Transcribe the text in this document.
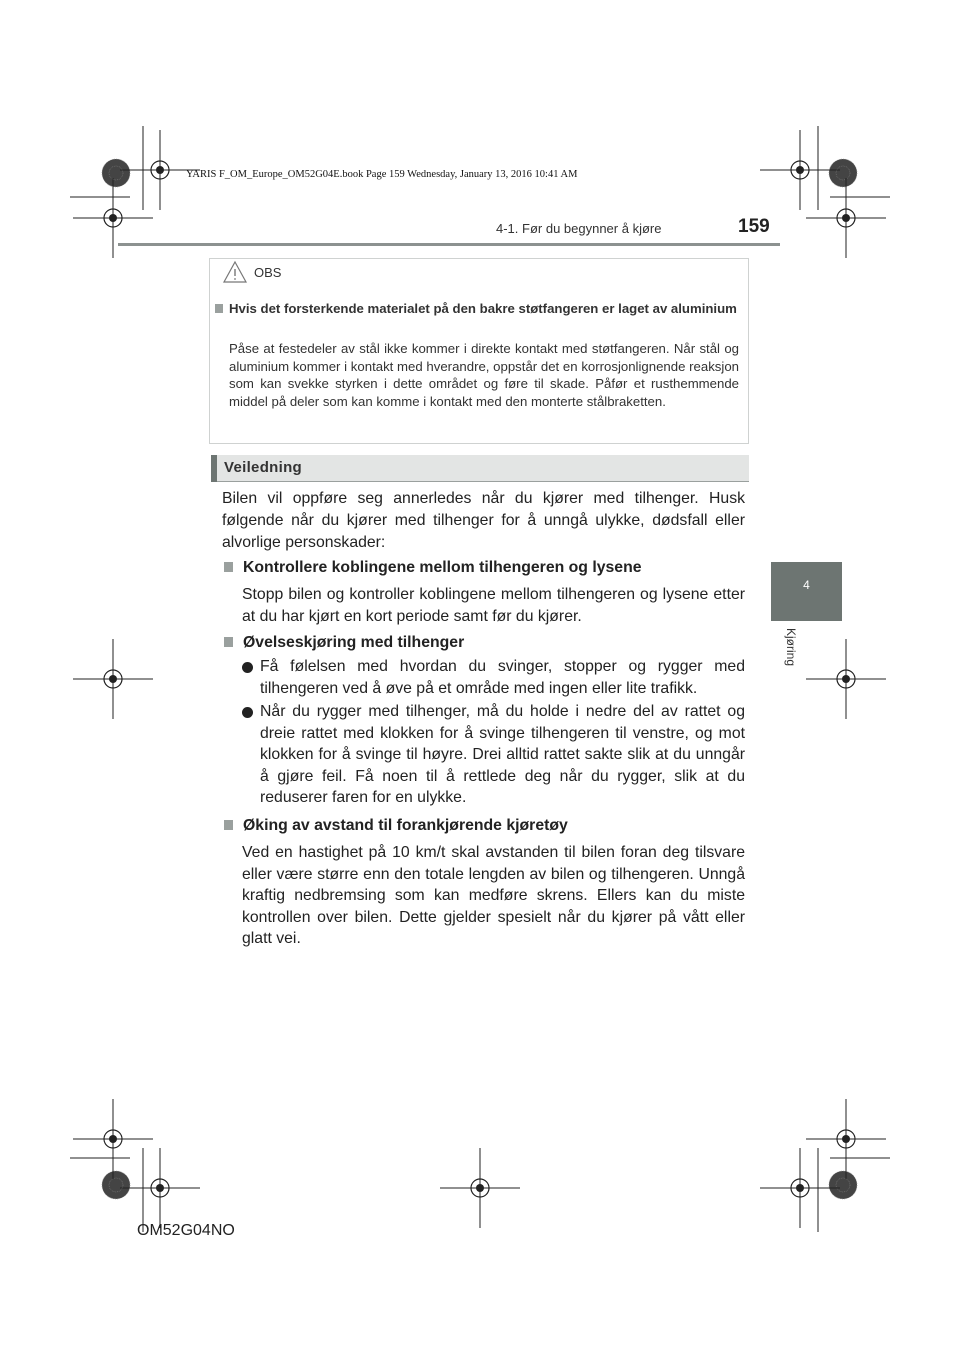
YARIS F_OM_Europe_OM52G04E.book Page 159 Wednesday, January 13, 2016 10:41 AM
4-1. Før du begynner å kjøre	159
4
Kjøring
OBS
Hvis det forsterkende materialet på den bakre støtfangeren er laget av aluminium
Påse at festedeler av stål ikke kommer i direkte kontakt med støtfangeren. Når stål og aluminium kommer i kontakt med hverandre, oppstår det en korrosjonlignende reaksjon som kan svekke styrken i dette området og føre til skade. Påfør et rusthemmende middel på deler som kan komme i kontakt med den monterte stålbraketten.
Veiledning
Bilen vil oppføre seg annerledes når du kjører med tilhenger. Husk følgende når du kjører med tilhenger for å unngå ulykke, dødsfall eller alvorlige personskader:
Kontrollere koblingene mellom tilhengeren og lysene
Stopp bilen og kontroller koblingene mellom tilhengeren og lysene etter at du har kjørt en kort periode samt før du kjører.
Øvelseskjøring med tilhenger
Få følelsen med hvordan du svinger, stopper og rygger med tilhengeren ved å øve på et område med ingen eller lite trafikk.
Når du rygger med tilhenger, må du holde i nedre del av rattet og dreie rattet med klokken for å svinge tilhengeren til venstre, og mot klokken for å svinge til høyre. Drei alltid rattet sakte slik at du unngår å gjøre feil. Få noen til å rettlede deg når du rygger, slik at du reduserer faren for en ulykke.
Øking av avstand til forankjørende kjøretøy
Ved en hastighet på 10 km/t skal avstanden til bilen foran deg tilsvare eller være større enn den totale lengden av bilen og tilhengeren. Unngå kraftig nedbremsing som kan medføre skrens. Ellers kan du miste kontrollen over bilen. Dette gjelder spesielt når du kjører på vått eller glatt vei.
OM52G04NO
